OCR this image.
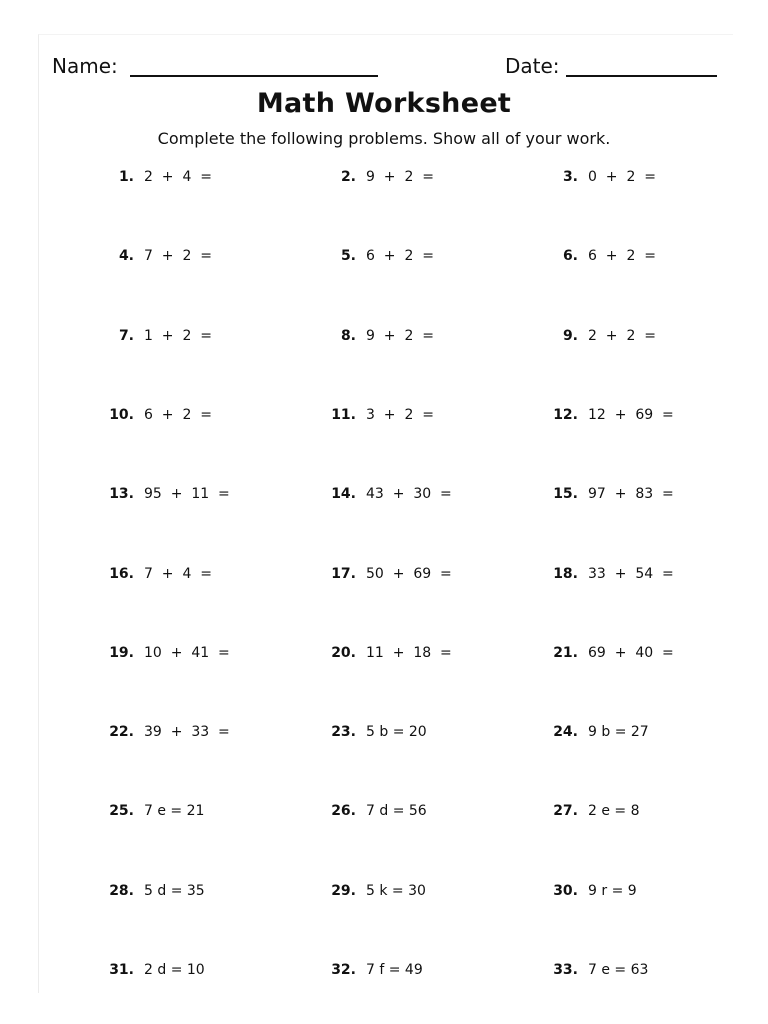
Name:	Date:
Math Worksheet
Complete the following problems. Show all of your work.
1. 2  +  4  =	2. 9  +  2  =	3. 0  +  2  =
4. 7  +  2  =	5. 6  +  2  =	6. 6  +  2  =
7. 1  +  2  =	8. 9  +  2  =	9. 2  +  2  =
10. 6  +  2  =	11. 3  +  2  =	12. 12  +  69  =
13. 95  +  11  =	14. 43  +  30  =	15. 97  +  83  =
16. 7  +  4  =	17. 50  +  69  =	18. 33  +  54  =
19. 10  +  41  =	20. 11  +  18  =	21. 69  +  40  =
22. 39  +  33  =	23. 5 b = 20	24. 9 b = 27
25. 7 e = 21	26. 7 d = 56	27. 2 e = 8
28. 5 d = 35	29. 5 k = 30	30. 9 r = 9
31. 2 d = 10	32. 7 f = 49	33. 7 e = 63
